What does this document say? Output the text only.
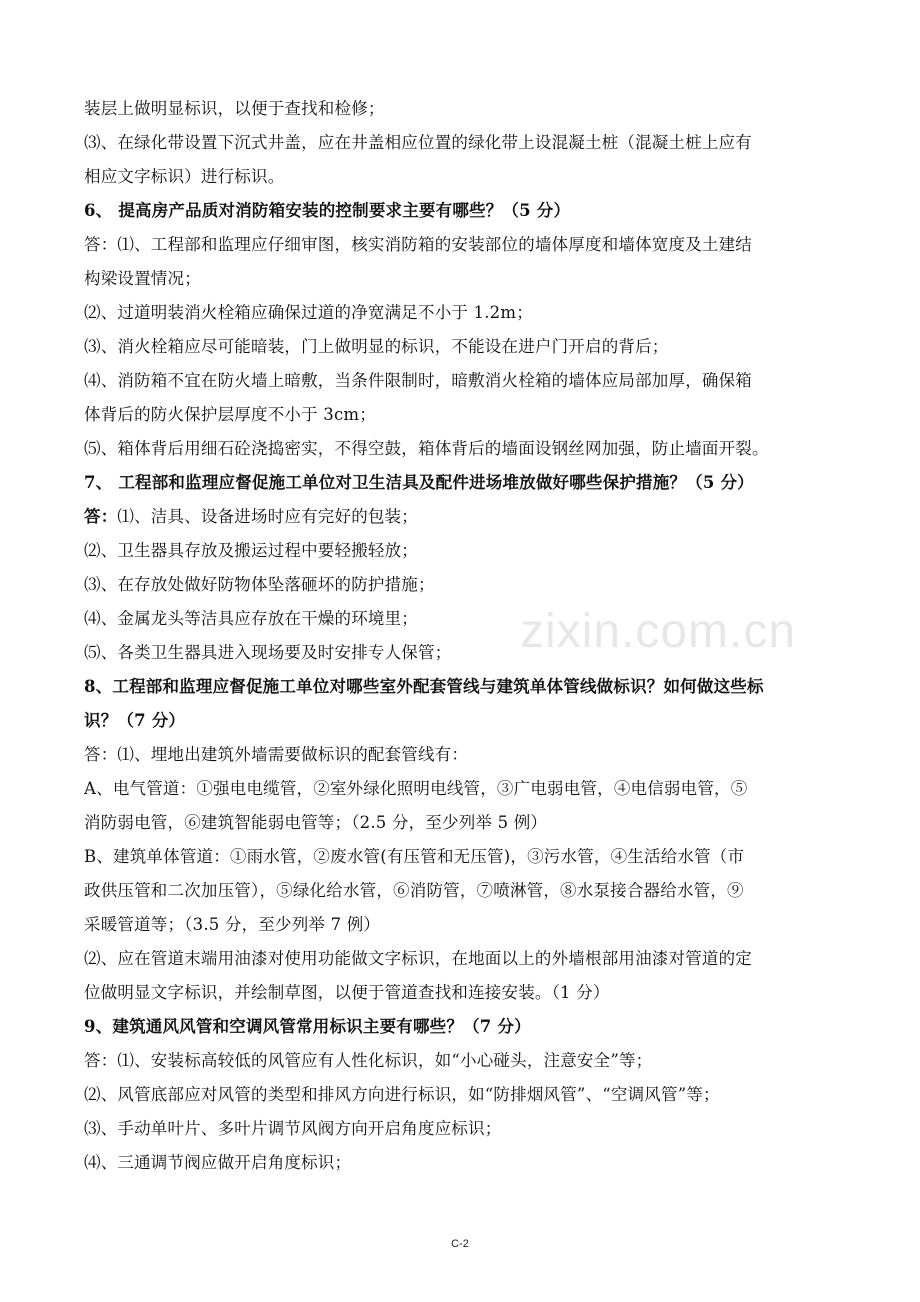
装层上做明显标识，以便于查找和检修；
⑶、在绿化带设置下沉式井盖，应在井盖相应位置的绿化带上设混凝土桩（混凝土桩上应有
相应文字标识）进行标识。
6、 提高房产品质对消防箱安装的控制要求主要有哪些？（5 分）
答：⑴、工程部和监理应仔细审图，核实消防箱的安装部位的墙体厚度和墙体宽度及土建结
构梁设置情况；
⑵、过道明装消火栓箱应确保过道的净宽满足不小于 1.2m；
⑶、消火栓箱应尽可能暗装，门上做明显的标识，不能设在进户门开启的背后；
⑷、消防箱不宜在防火墙上暗敷，当条件限制时，暗敷消火栓箱的墙体应局部加厚，确保箱
体背后的防火保护层厚度不小于 3cm；
⑸、箱体背后用细石砼浇捣密实，不得空鼓，箱体背后的墙面设钢丝网加强，防止墙面开裂。
7、 工程部和监理应督促施工单位对卫生洁具及配件进场堆放做好哪些保护措施？（5 分）
答：⑴、洁具、设备进场时应有完好的包装；
⑵、卫生器具存放及搬运过程中要轻搬轻放；
⑶、在存放处做好防物体坠落砸坏的防护措施；
⑷、金属龙头等洁具应存放在干燥的环境里；
⑸、各类卫生器具进入现场要及时安排专人保管；
8、工程部和监理应督促施工单位对哪些室外配套管线与建筑单体管线做标识？如何做这些标
识？（7 分）
答：⑴、埋地出建筑外墙需要做标识的配套管线有：
A、电气管道：①强电电缆管，②室外绿化照明电线管，③广电弱电管，④电信弱电管，⑤
消防弱电管，⑥建筑智能弱电管等；（2.5 分，至少列举 5 例）
B、建筑单体管道：①雨水管，②废水管(有压管和无压管)，③污水管，④生活给水管（市
政供压管和二次加压管），⑤绿化给水管，⑥消防管，⑦喷淋管，⑧水泵接合器给水管，⑨
采暖管道等；（3.5 分，至少列举 7 例）
⑵、应在管道末端用油漆对使用功能做文字标识，在地面以上的外墙根部用油漆对管道的定
位做明显文字标识，并绘制草图，以便于管道查找和连接安装。（1 分）
9、建筑通风风管和空调风管常用标识主要有哪些？（7 分）
答：⑴、安装标高较低的风管应有人性化标识，如“小心碰头，注意安全”等；
⑵、风管底部应对风管的类型和排风方向进行标识，如“防排烟风管”、“空调风管”等；
⑶、手动单叶片、多叶片调节风阀方向开启角度应标识；
⑷、三通调节阀应做开启角度标识；
zixin.com.cn
C-2
